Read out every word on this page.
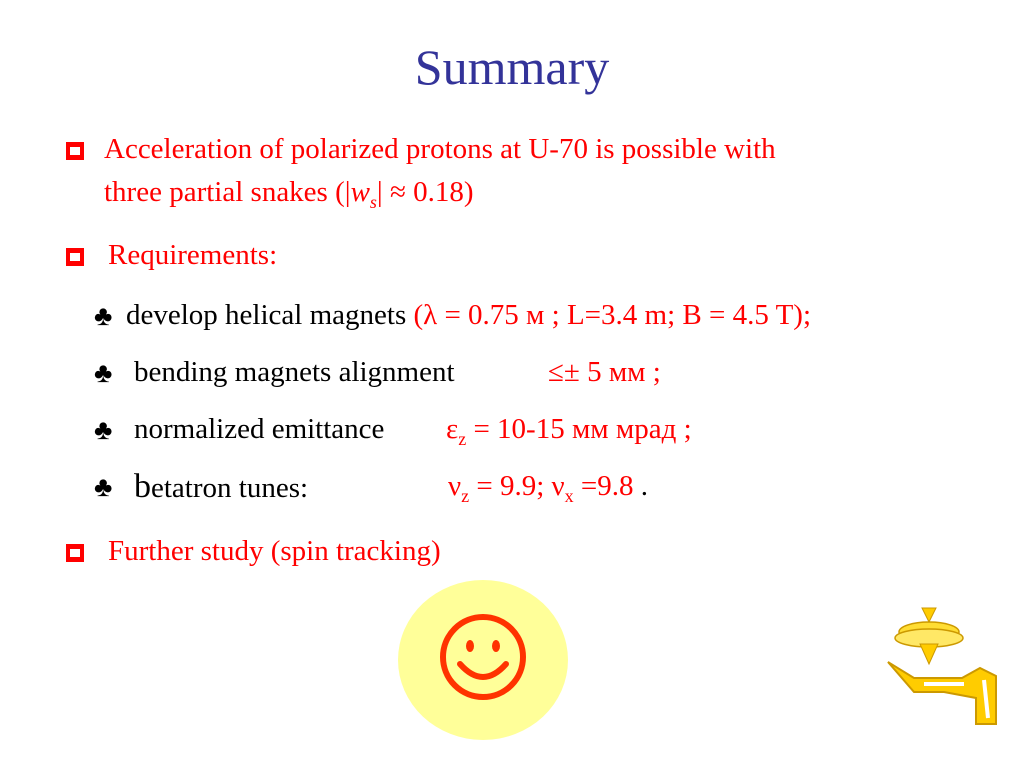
Summary
Acceleration of polarized protons at U-70 is possible with
three partial snakes $(|w_s| \approx 0.18)$
Requirements:
♣ develop helical magnets (λ = 0.75 м ; L=3.4 m; B = 4.5 T);
♣ bending magnets alignment	≤± 5 мм ;
♣ normalized emittance $\varepsilon_z = 10-15$ мм мрад ;
♣ betatron tunes:	$\nu_z = 9.9$; $\nu_x =9.8$ .
Further study (spin tracking)
